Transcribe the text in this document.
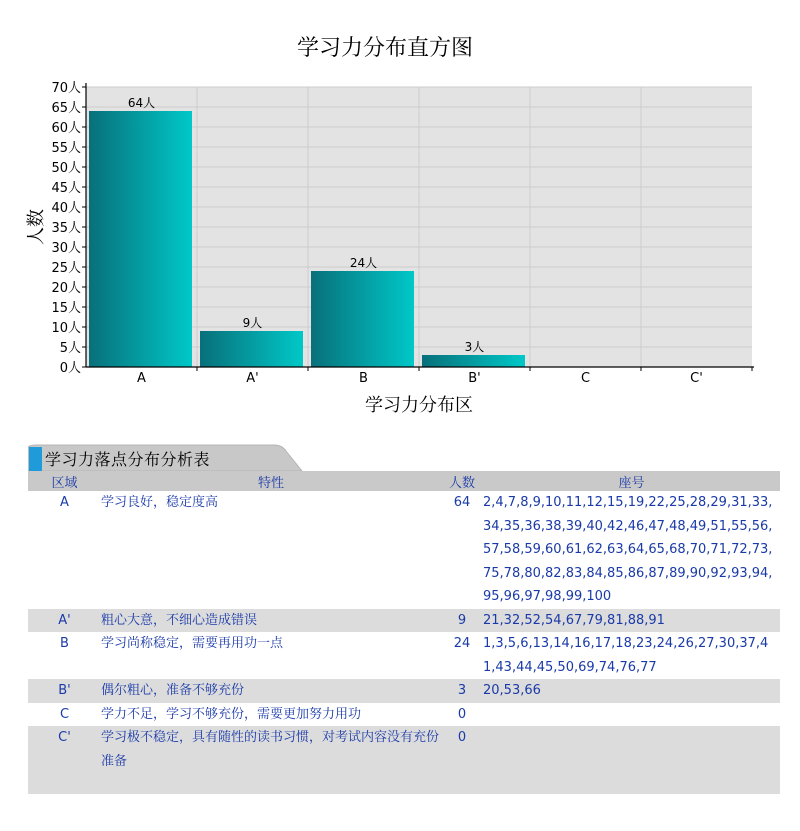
学习力分布直方图
64人
9人
24人
3人
0人
5人
10人
15人
20人
25人
30人
35人
40人
45人
50人
55人
60人
65人
70人
A	A'	B	B'	C	C'
人数
学习力分布区
学习力落点分布分析表
区域	特性	人数	座号
A	学习良好，稳定度高	64	2,4,7,8,9,10,11,12,15,19,22,25,28,29,31,33,34,35,36,38,39,40,42,46,47,48,49,51,55,56,57,58,59,60,61,62,63,64,65,68,70,71,72,73,75,78,80,82,83,84,85,86,87,89,90,92,93,94,95,96,97,98,99,100
A'	粗心大意，不细心造成错误	9	21,32,52,54,67,79,81,88,91
B	学习尚称稳定，需要再用功一点	24	1,3,5,6,13,14,16,17,18,23,24,26,27,30,37,41,43,44,45,50,69,74,76,77
B'	偶尔粗心，准备不够充份	3	20,53,66
C	学力不足，学习不够充份，需要更加努力用功	0	
C'	学习极不稳定，具有随性的读书习惯，对考试内容没有充份准备	0	
